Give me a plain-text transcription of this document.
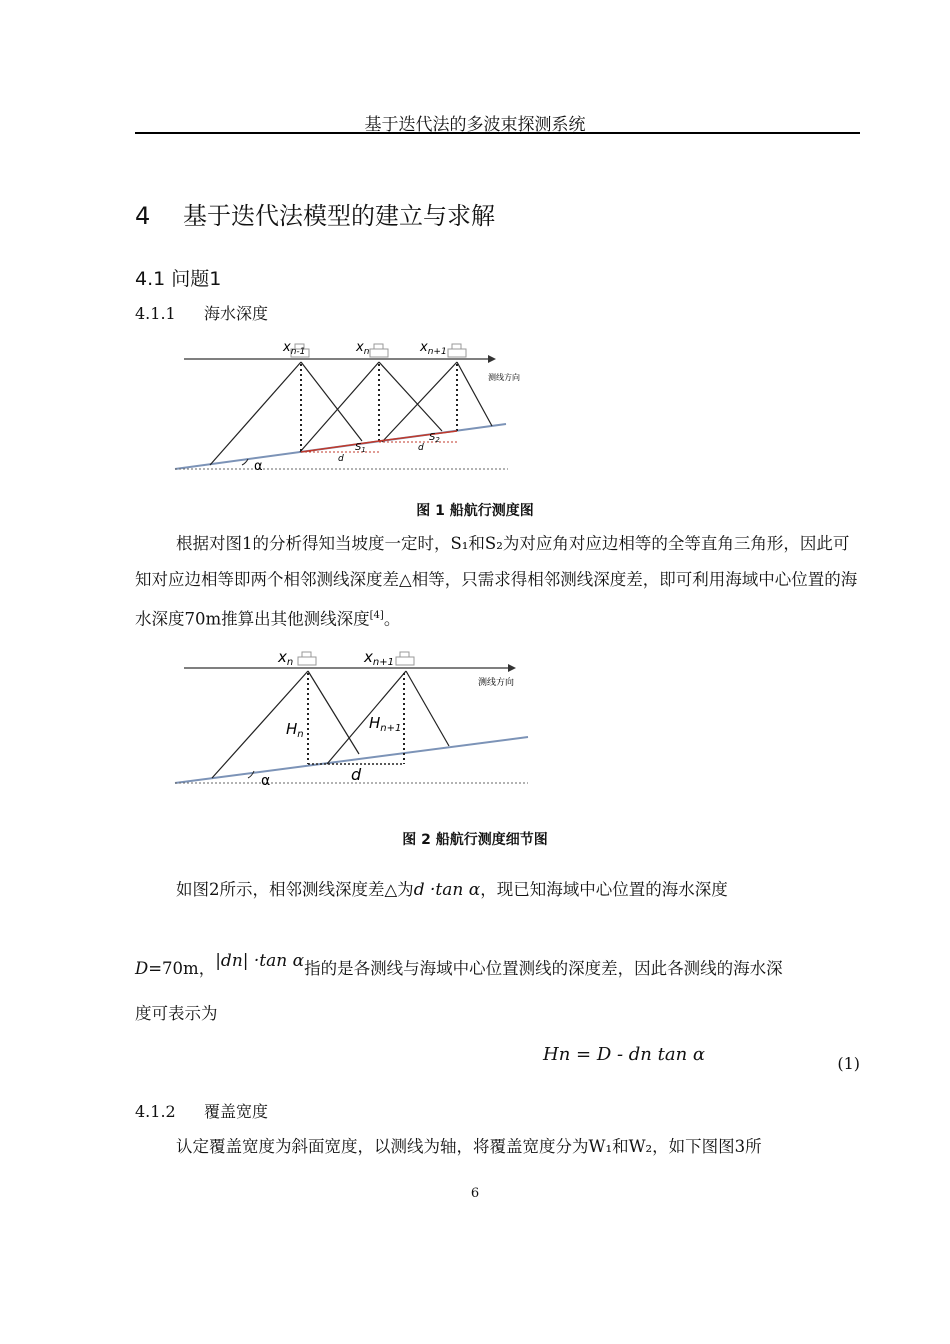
基于迭代法的多波束探测系统
4 基于迭代法模型的建立与求解
4.1 问题1
4.1.1 海水深度
$x_{n-1}$	$x_n$	$x_{n+1}$
测线方向
α
$S_1$
$S_2$
d
d
图 1 船航行测度图
根据对图1的分析得知当坡度一定时，S₁和S₂为对应角对应边相等的全等直角三角形，因此可知对应边相等即两个相邻测线深度差△相等，只需求得相邻测线深度差，即可利用海域中心位置的海水深度70m推算出其他测线深度[4]。
$x_n$	$x_{n+1}$
测线方向
$H_n$
$H_{n+1}$
d
α
图 2 船航行测度细节图
如图2所示，相邻测线深度差△为d ·tan α，现已知海域中心位置的海水深度
D=70m，|dn| ·tan α指的是各测线与海域中心位置测线的深度差，因此各测线的海水深
度可表示为
Hn = D - dn tan α	(1)
4.1.2 覆盖宽度
认定覆盖宽度为斜面宽度，以测线为轴，将覆盖宽度分为W₁和W₂，如下图图3所
6
